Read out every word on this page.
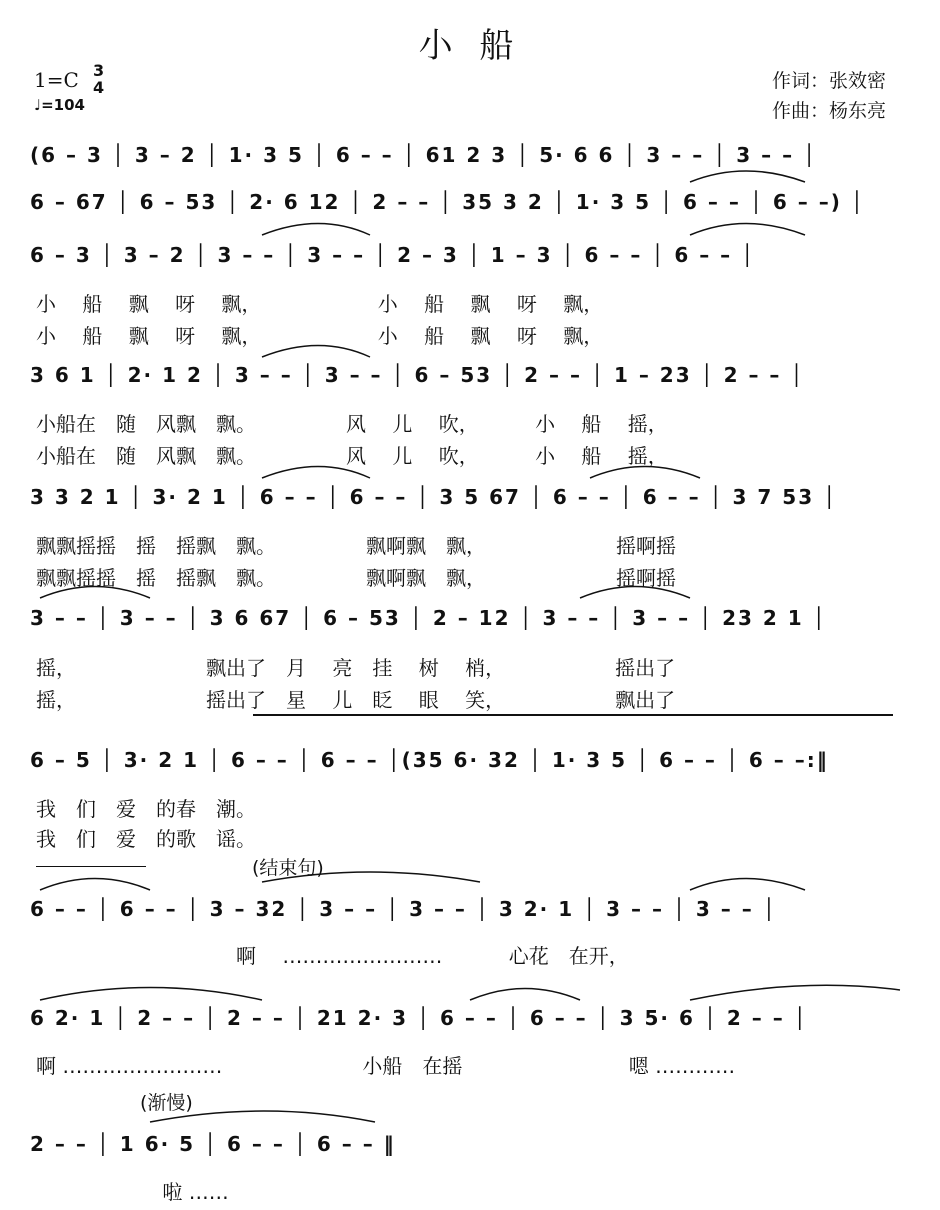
小 船
作词：张效密
作曲：杨东亮
1=C 3
4
♩=104
(结束句)
(渐慢)
(6 – 3 │ 3 – 2 │ 1· 3 5 │ 6 – – │ 61 2 3 │ 5· 6 6 │ 3 – – │ 3 – – │
6 – 67 │ 6 – 53 │ 2· 6 12 │ 2 – – │ 35 3 2 │ 1· 3 5 │ 6 – – │ 6 – –) │
6 – 3 │ 3 – 2 │ 3 – – │ 3 – – │ 2 – 3 │ 1 – 3 │ 6 – – │ 6 – – │
小　 船　 飘　 呀　 飘，　　　　　　 小　 船　 飘　 呀　 飘，
小　 船　 飘　 呀　 飘，　　　　　　 小　 船　 飘　 呀　 飘，
3 6 1 │ 2· 1 2 │ 3 – – │ 3 – – │ 6 – 53 │ 2 – – │ 1 – 23 │ 2 – – │
小船在　随　风飘　飘。　　　　　风　 儿　 吹，　　　 小　 船　 摇，
小船在　随　风飘　飘。　　　　　风　 儿　 吹，　　　 小　 船　 摇，
3 3 2 1 │ 3· 2 1 │ 6 – – │ 6 – – │ 3 5 67 │ 6 – – │ 6 – – │ 3 7 53 │
飘飘摇摇　摇　摇飘　飘。　　　　　飘啊飘　飘，　　　　　　　摇啊摇
飘飘摇摇　摇　摇飘　飘。　　　　　飘啊飘　飘，　　　　　　　摇啊摇
3 – – │ 3 – – │ 3 6 67 │ 6 – 53 │ 2 – 12 │ 3 – – │ 3 – – │ 23 2 1 │
摇，　　　　　　　飘出了　月　 亮　挂　 树　 梢，　　　　　　摇出了
摇，　　　　　　　摇出了　星　 儿　眨　 眼　 笑，　　　　　　飘出了
6 – 5 │ 3· 2 1 │ 6 – – │ 6 – – │(35 6· 32 │ 1· 3 5 │ 6 – – │ 6 – –:‖
我　们　爱　的春　潮。
我　们　爱　的歌　谣。
6 – – │ 6 – – │ 3 – 32 │ 3 – – │ 3 – – │ 3 2· 1 │ 3 – – │ 3 – – │
　　　　　　　　　　啊　 ……………………　　　 心花　在开，
6 2· 1 │ 2 – – │ 2 – – │ 21 2· 3 │ 6 – – │ 6 – – │ 3 5· 6 │ 2 – – │
啊 ……………………　　　　　　　小船　在摇　　　　　　　　 嗯 …………
2 – – │ 1 6· 5 │ 6 – – │ 6 – – ‖
　　　　　　 啦 ……
